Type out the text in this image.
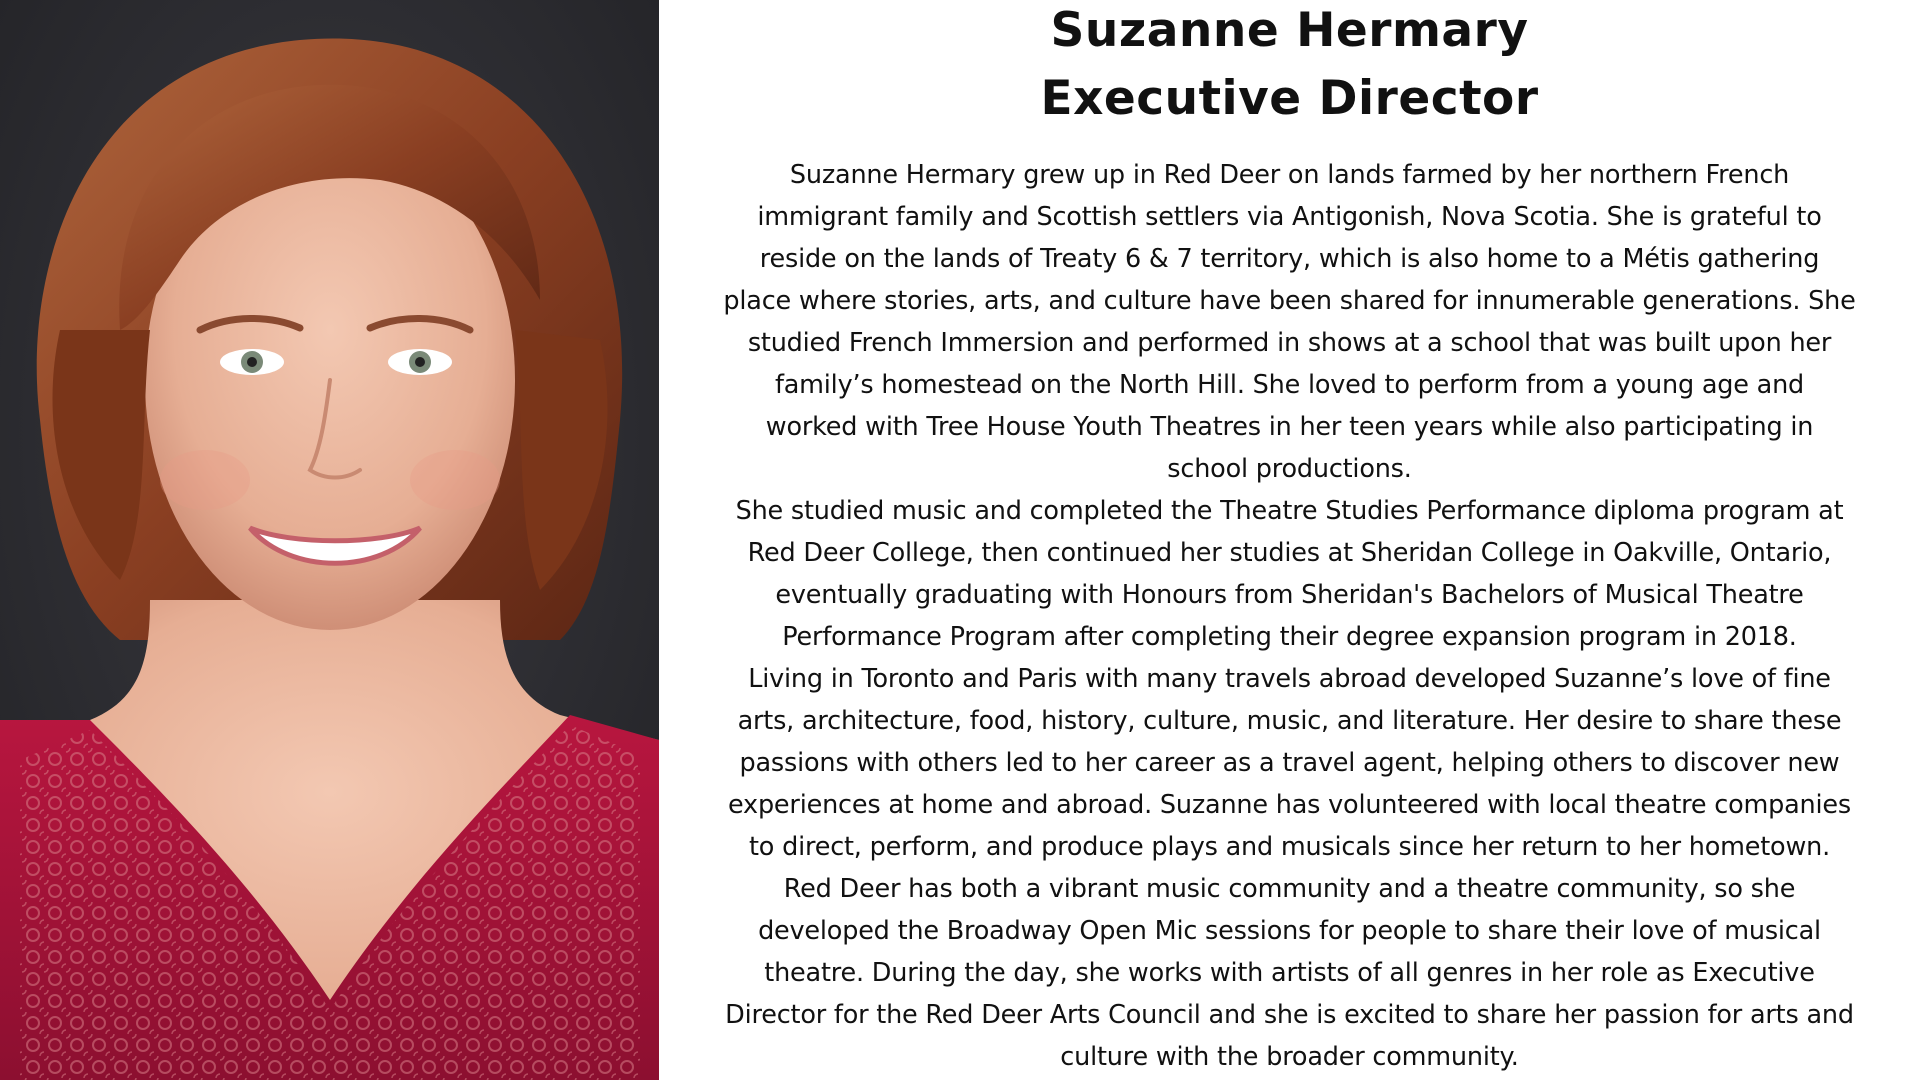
Suzanne Hermary
Executive Director
Suzanne Hermary grew up in Red Deer on lands farmed by her northern French
immigrant family and Scottish settlers via Antigonish, Nova Scotia. She is grateful to
reside on the lands of Treaty 6 & 7 territory, which is also home to a Métis gathering
place where stories, arts, and culture have been shared for innumerable generations. She
studied French Immersion and performed in shows at a school that was built upon her
family’s homestead on the North Hill. She loved to perform from a young age and
worked with Tree House Youth Theatres in her teen years while also participating in
school productions.
She studied music and completed the Theatre Studies Performance diploma program at
Red Deer College, then continued her studies at Sheridan College in Oakville, Ontario,
eventually graduating with Honours from Sheridan's Bachelors of Musical Theatre
Performance Program after completing their degree expansion program in 2018.
Living in Toronto and Paris with many travels abroad developed Suzanne’s love of fine
arts, architecture, food, history, culture, music, and literature. Her desire to share these
passions with others led to her career as a travel agent, helping others to discover new
experiences at home and abroad. Suzanne has volunteered with local theatre companies
to direct, perform, and produce plays and musicals since her return to her hometown.
Red Deer has both a vibrant music community and a theatre community, so she
developed the Broadway Open Mic sessions for people to share their love of musical
theatre. During the day, she works with artists of all genres in her role as Executive
Director for the Red Deer Arts Council and she is excited to share her passion for arts and
culture with the broader community.
